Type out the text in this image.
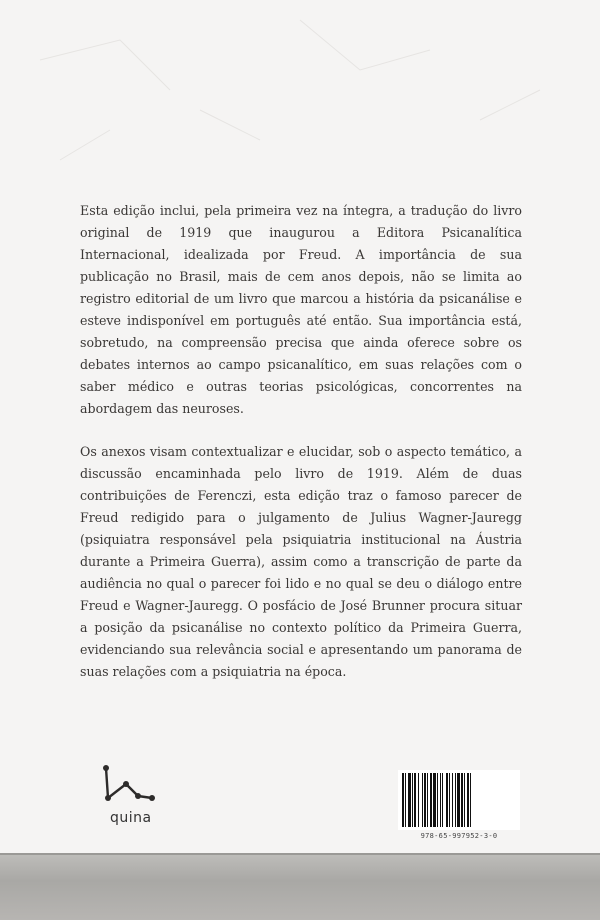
Esta edição inclui, pela primeira vez na íntegra, a tradução do livro original de 1919 que inaugurou a Editora Psicanalítica Internacional, idealizada por Freud. A importância de sua publicação no Brasil, mais de cem anos depois, não se limita ao registro editorial de um livro que marcou a história da psicanálise e esteve indisponível em português até então. Sua importância está, sobretudo, na compreensão precisa que ainda oferece sobre os debates internos ao campo psicanalítico, em suas relações com o saber médico e outras teorias psicológicas, concorrentes na abordagem das neuroses.

Os anexos visam contextualizar e elucidar, sob o aspecto temático, a discussão encaminhada pelo livro de 1919. Além de duas contribuições de Ferenczi, esta edição traz o famoso parecer de Freud redigido para o julgamento de Julius Wagner-Jauregg (psiquiatra responsável pela psiquiatria institucional na Áustria durante a Primeira Guerra), assim como a transcrição de parte da audiência no qual o parecer foi lido e no qual se deu o diálogo entre Freud e Wagner-Jauregg. O posfácio de José Brunner procura situar a posição da psicanálise no contexto político da Primeira Guerra, evidenciando sua relevância social e apresentando um panorama de suas relações com a psiquiatria na época.

quina
978-65-997952-3-0
